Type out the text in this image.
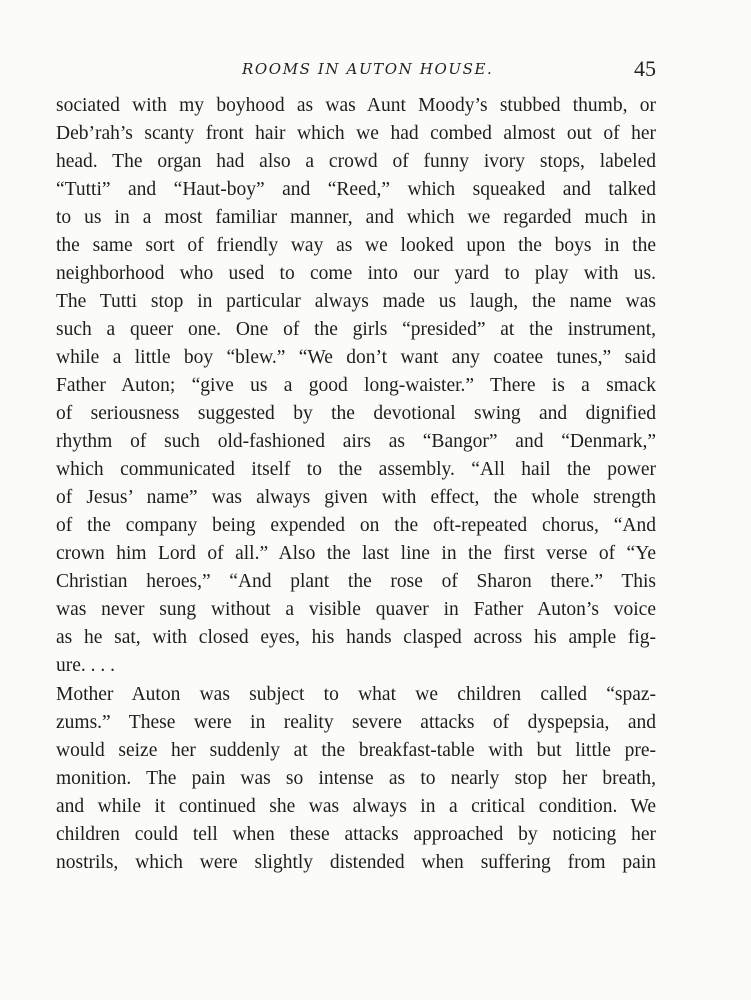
ROOMS IN AUTON HOUSE.	45
sociated with my boyhood as was Aunt Moody’s stubbed thumb, or
Deb’rah’s scanty front hair which we had combed almost out of her
head. The organ had also a crowd of funny ivory stops, labeled
“Tutti” and “Haut-boy” and “Reed,” which squeaked and talked
to us in a most familiar manner, and which we regarded much in
the same sort of friendly way as we looked upon the boys in the
neighborhood who used to come into our yard to play with us.
The Tutti stop in particular always made us laugh, the name was
such a queer one. One of the girls “presided” at the instrument,
while a little boy “blew.” “We don’t want any coatee tunes,” said
Father Auton; “give us a good long-waister.” There is a smack
of seriousness suggested by the devotional swing and dignified
rhythm of such old-fashioned airs as “Bangor” and “Denmark,”
which communicated itself to the assembly. “All hail the power
of Jesus’ name” was always given with effect, the whole strength
of the company being expended on the oft-repeated chorus, “And
crown him Lord of all.” Also the last line in the first verse of “Ye
Christian heroes,” “And plant the rose of Sharon there.” This
was never sung without a visible quaver in Father Auton’s voice
as he sat, with closed eyes, his hands clasped across his ample fig-
ure. . . .
Mother Auton was subject to what we children called “spaz-
zums.” These were in reality severe attacks of dyspepsia, and
would seize her suddenly at the breakfast-table with but little pre-
monition. The pain was so intense as to nearly stop her breath,
and while it continued she was always in a critical condition. We
children could tell when these attacks approached by noticing her
nostrils, which were slightly distended when suffering from pain
